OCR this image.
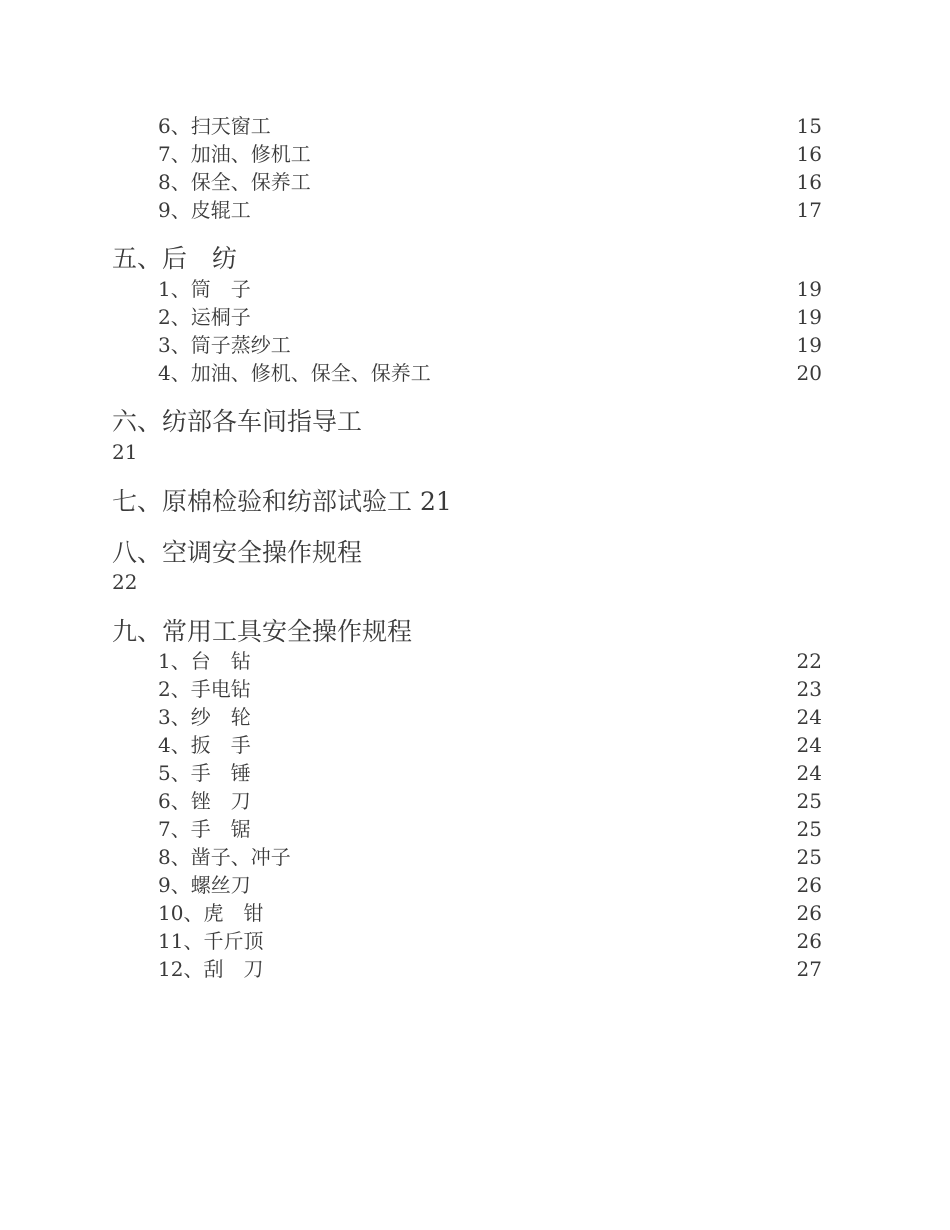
6、扫天窗工	15
7、加油、修机工	16
8、保全、保养工	16
9、皮辊工	17
五、后　纺
1、筒　子	19
2、运桐子	19
3、筒子蒸纱工	19
4、加油、修机、保全、保养工	20
六、纺部各车间指导工
21
七、原棉检验和纺部试验工 21
八、空调安全操作规程
22
九、常用工具安全操作规程
1、台　钻	22
2、手电钻	23
3、纱　轮	24
4、扳　手	24
5、手　锤	24
6、锉　刀	25
7、手　锯	25
8、凿子、冲子	25
9、螺丝刀	26
10、虎　钳	26
11、千斤顶	26
12、刮　刀	27
